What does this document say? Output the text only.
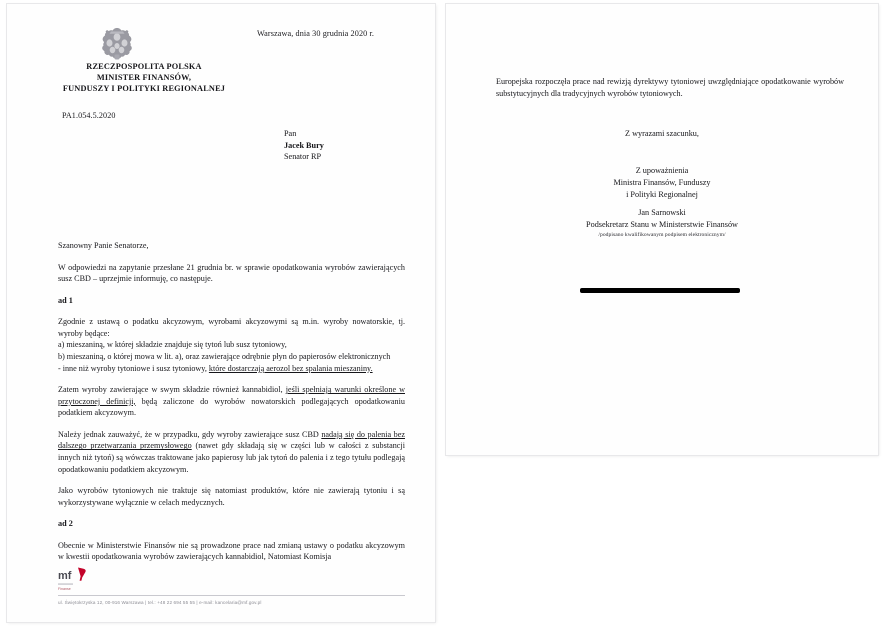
RZECZPOSPOLITA POLSKA
MINISTER FINANSÓW,
FUNDUSZY I POLITYKI REGIONALNEJ
Warszawa, dnia 30 grudnia 2020 r.
PA1.054.5.2020
Pan
Jacek Bury
Senator RP

Szanowny Panie Senatorze,

W odpowiedzi na zapytanie przesłane 21 grudnia br. w sprawie opodatkowania wyrobów zawierających susz CBD – uprzejmie informuję, co następuje.

ad 1

Zgodnie z ustawą o podatku akcyzowym, wyrobami akcyzowymi są m.in. wyroby nowatorskie, tj. wyroby będące:
a) mieszaniną, w której składzie znajduje się tytoń lub susz tytoniowy,
b) mieszaniną, o której mowa w lit. a), oraz zawierające odrębnie płyn do papierosów elektronicznych
- inne niż wyroby tytoniowe i susz tytoniowy, które dostarczają aerozol bez spalania mieszaniny.

Zatem wyroby zawierające w swym składzie również kannabidiol, jeśli spełniają warunki określone w przytoczonej definicji, będą zaliczone do wyrobów nowatorskich podlegających opodatkowaniu podatkiem akcyzowym.

Należy jednak zauważyć, że w przypadku, gdy wyroby zawierające susz CBD nadają się do palenia bez dalszego przetwarzania przemysłowego (nawet gdy składają się w części lub w całości z substancji innych niż tytoń) są wówczas traktowane jako papierosy lub jak tytoń do palenia i z tego tytułu podlegają opodatkowaniu podatkiem akcyzowym.

Jako wyrobów tytoniowych nie traktuje się natomiast produktów, które nie zawierają tytoniu i są wykorzystywane wyłącznie w celach medycznych.

ad 2

Obecnie w Ministerstwie Finansów nie są prowadzone prace nad zmianą ustawy o podatku akcyzowym w kwestii opodatkowania wyrobów zawierających kannabidiol, Natomiast Komisja

mf
Finanse
ul. Świętokrzyska 12, 00-916 Warszawa | tel.: +48 22 694 55 55 | e-mail: kancelaria@mf.gov.pl

Europejska rozpoczęła prace nad rewizją dyrektywy tytoniowej uwzględniające opodatkowanie wyrobów substytucyjnych dla tradycyjnych wyrobów tytoniowych.

Z wyrazami szacunku,
Z upoważnienia
Ministra Finansów, Funduszy
i Polityki Regionalnej
Jan Sarnowski
Podsekretarz Stanu w Ministerstwie Finansów
/podpisano kwalifikowanym podpisem elektronicznym/
